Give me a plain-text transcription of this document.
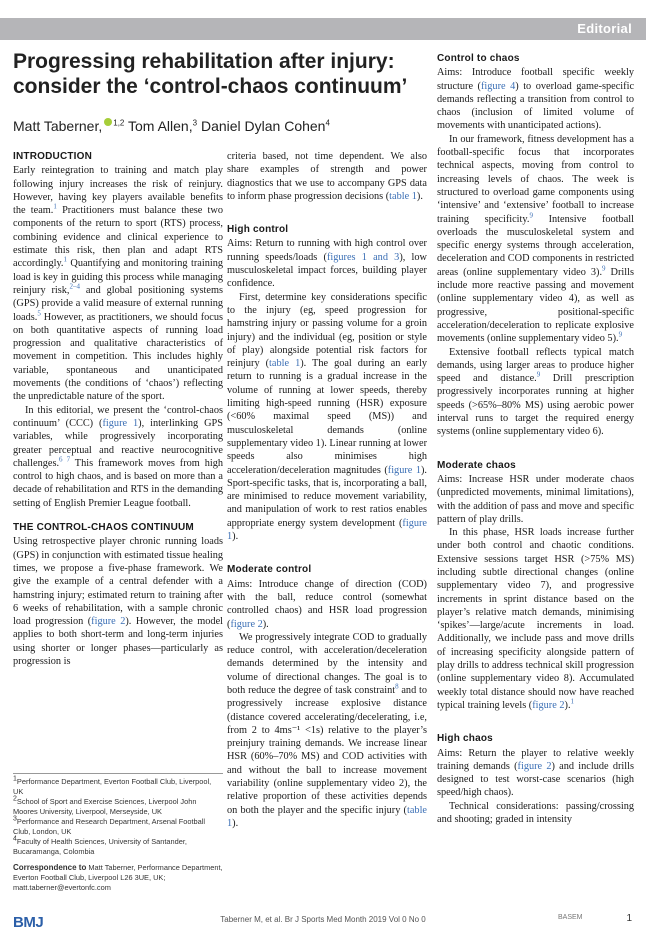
Editorial
Progressing rehabilitation after injury: consider the ‘control-chaos continuum’
Matt Taberner, $^{1,2}$ Tom Allen,$^3$ Daniel Dylan Cohen$^4$
INTRODUCTION

Early reintegration to training and match play following injury increases the risk of reinjury. However, having key players available benefits the team.$^1$ Practitioners must balance these two components of the return to sport (RTS) process, combining evidence and clinical experience to estimate this risk, then plan and adapt RTS accordingly.$^1$ Quantifying and monitoring training load is key in guiding this process while managing reinjury risk,$^{2-4}$ and global positioning systems (GPS) provide a valid measure of external running loads.$^5$ However, as practitioners, we should focus on both quantitative aspects of running load progression and qualitative characteristics of movement in competition. This includes highly variable, spontaneous and unanticipated movements (the conditions of ‘chaos’) reflecting the unpredictable nature of the sport.

In this editorial, we present the ‘control-chaos continuum’ (CCC) (figure 1), interlinking GPS variables, while progressively incorporating greater perceptual and reactive neurocognitive challenges.$^{6 7}$ This framework moves from high control to high chaos, and is based on more than a decade of rehabilitation and RTS in the demanding setting of English Premier League football.

THE CONTROL-CHAOS CONTINUUM

Using retrospective player chronic running loads (GPS) in conjunction with estimated tissue healing times, we propose a five-phase framework. We give the example of a central defender with a hamstring injury; estimated return to training after 6 weeks of rehabilitation, with a sample chronic load progression (figure 2). However, the model applies to both short-term and long-term injuries using shorter or longer phases—particularly as progression is

criteria based, not time dependent. We also share examples of strength and power diagnostics that we use to accompany GPS data to inform phase progression decisions (table 1).

High control

Aims: Return to running with high control over running speeds/loads (figures 1 and 3), low musculoskeletal impact forces, building player confidence.

First, determine key considerations specific to the injury (eg, speed progression for hamstring injury or passing volume for a groin injury) and the individual (eg, position or style of play) alongside potential risk factors for reinjury (table 1). The goal during an early return to running is a gradual increase in the volume of running at lower speeds, thereby limiting high-speed running (HSR) exposure (<60% maximal speed (MS)) and musculoskeletal demands (online supplementary video 1). Linear running at lower speeds also minimises high acceleration/deceleration magnitudes (figure 1). Sport-specific tasks, that is, incorporating a ball, are minimised to reduce movement variability, and manipulation of work to rest ratios enables appropriate energy system development (figure 1).

Moderate control

Aims: Introduce change of direction (COD) with the ball, reduce control (somewhat controlled chaos) and HSR load progression (figure 2).

We progressively integrate COD to gradually reduce control, with acceleration/deceleration demands determined by the intensity and volume of directional changes. The goal is to both reduce the degree of task constraint$^8$ and to progressively increase explosive distance (distance covered accelerating/decelerating, i.e, from 2 to 4ms⁻¹ <1s) relative to the player’s preinjury training demands. We increase linear HSR (60%–70% MS) and COD activities with and without the ball to increase movement variability (online supplementary video 2), the relative proportion of these activities depends on both the player and the specific injury (table 1).

Control to chaos

Aims: Introduce football specific weekly structure (figure 4) to overload game-specific demands reflecting a transition from control to chaos (inclusion of limited volume of movements with unanticipated actions).

In our framework, fitness development has a football-specific focus that incorporates technical aspects, moving from control to increasing levels of chaos. The week is structured to overload game components using ‘intensive’ and ‘extensive’ football to increase training specificity.$^9$ Intensive football overloads the musculoskeletal system and specific energy systems through acceleration, deceleration and COD components in restricted areas (online supplementary video 3).$^9$ Drills include more reactive passing and movement (online supplementary video 4), as well as progressive, positional-specific acceleration/deceleration to replicate explosive movements (online supplementary video 5).$^9$

Extensive football reflects typical match demands, using larger areas to produce higher speed and distance.$^9$ Drill prescription progressively incorporates running at higher speeds (>65%–80% MS) using aerobic power interval runs to target the required energy systems (online supplementary video 6).

Moderate chaos

Aims: Increase HSR under moderate chaos (unpredicted movements, minimal limitations), with the addition of pass and move and specific pattern of play drills.

In this phase, HSR loads increase further under both control and chaotic conditions. Extensive sessions target HSR (>75% MS) including subtle directional changes (online supplementary video 7), and progressive increments in sprint distance based on the player’s relative match demands, minimising ‘spikes’—large/acute increments in load. Additionally, we include pass and move drills of increasing specificity alongside pattern of play drills to address technical skill progression (online supplementary video 8). Accumulated weekly total distance should now have reached typical training levels (figure 2).$^1$

High chaos

Aims: Return the player to relative weekly training demands (figure 2) and include drills designed to test worst-case scenarios (high speed/high chaos).

Technical considerations: passing/crossing and shooting; graded in intensity

$^1$Performance Department, Everton Football Club, Liverpool, UK
$^2$School of Sport and Exercise Sciences, Liverpool John Moores University, Liverpool, Merseyside, UK
$^3$Performance and Research Department, Arsenal Football Club, London, UK
$^4$Faculty of Health Sciences, University of Santander, Bucaramanga, Colombia
Correspondence to Matt Taberner, Performance Department, Everton Football Club, Liverpool L26 3UE, UK; matt.taberner@evertonfc.com
BMJ	Taberner M, et al. Br J Sports Med Month 2019 Vol 0 No 0	BASEM	1
